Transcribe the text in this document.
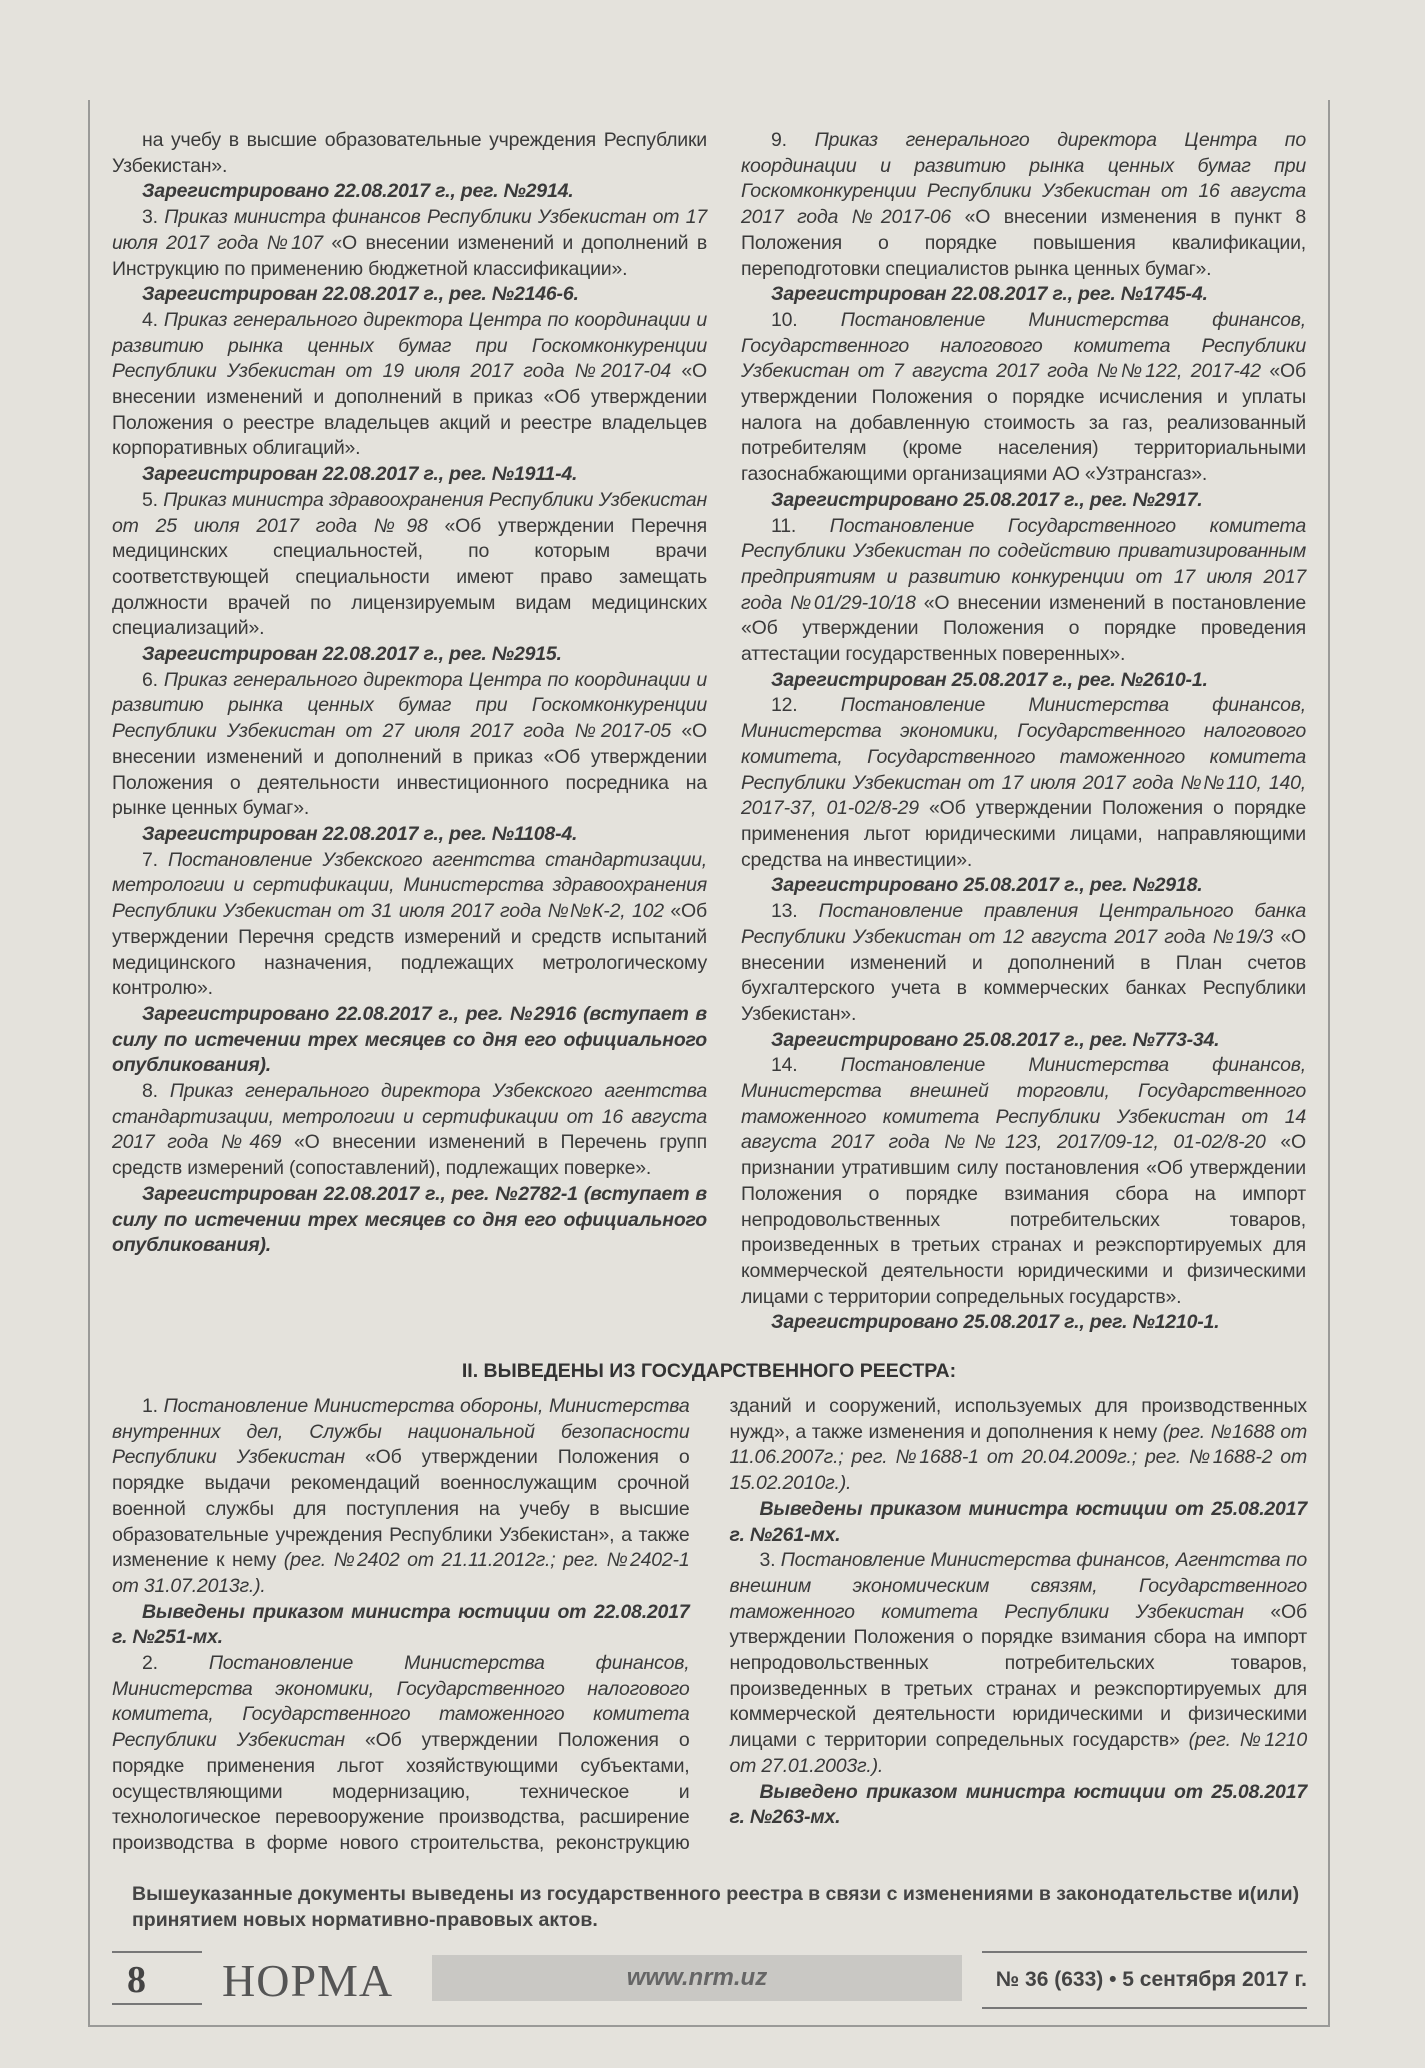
на учебу в высшие образовательные учреждения Республики Узбекистан».

Зарегистрировано 22.08.2017 г., рег. №2914.

3. Приказ министра финансов Республики Узбекистан от 17 июля 2017 года №107 «О внесении изменений и дополнений в Инструкцию по применению бюджетной классификации».

Зарегистрирован 22.08.2017 г., рег. №2146-6.

4. Приказ генерального директора Центра по координации и развитию рынка ценных бумаг при Госкомконкуренции Республики Узбекистан от 19 июля 2017 года №2017-04 «О внесении изменений и дополнений в приказ «Об утверждении Положения о реестре владельцев акций и реестре владельцев корпоративных облигаций».

Зарегистрирован 22.08.2017 г., рег. №1911-4.

5. Приказ министра здравоохранения Республики Узбекистан от 25 июля 2017 года №98 «Об утверждении Перечня медицинских специальностей, по которым врачи соответствующей специальности имеют право замещать должности врачей по лицензируемым видам медицинских специализаций».

Зарегистрирован 22.08.2017 г., рег. №2915.

6. Приказ генерального директора Центра по координации и развитию рынка ценных бумаг при Госкомконкуренции Республики Узбекистан от 27 июля 2017 года №2017-05 «О внесении изменений и дополнений в приказ «Об утверждении Положения о деятельности инвестиционного посредника на рынке ценных бумаг».

Зарегистрирован 22.08.2017 г., рег. №1108-4.

7. Постановление Узбекского агентства стандартизации, метрологии и сертификации, Министерства здравоохранения Республики Узбекистан от 31 июля 2017 года №№К-2, 102 «Об утверждении Перечня средств измерений и средств испытаний медицинского назначения, подлежащих метрологическому контролю».

Зарегистрировано 22.08.2017 г., рег. №2916 (вступает в силу по истечении трех месяцев со дня его официального опубликования).

8. Приказ генерального директора Узбекского агентства стандартизации, метрологии и сертификации от 16 августа 2017 года №469 «О внесении изменений в Перечень групп средств измерений (сопоставлений), подлежащих поверке».

Зарегистрирован 22.08.2017 г., рег. №2782-1 (вступает в силу по истечении трех месяцев со дня его официального опубликования).

9. Приказ генерального директора Центра по координации и развитию рынка ценных бумаг при Госкомконкуренции Республики Узбекистан от 16 августа 2017 года №2017-06 «О внесении изменения в пункт 8 Положения о порядке повышения квалификации, переподготовки специалистов рынка ценных бумаг».

Зарегистрирован 22.08.2017 г., рег. №1745-4.

10. Постановление Министерства финансов, Государственного налогового комитета Республики Узбекистан от 7 августа 2017 года №№122, 2017-42 «Об утверждении Положения о порядке исчисления и уплаты налога на добавленную стоимость за газ, реализованный потребителям (кроме населения) территориальными газоснабжающими организациями АО «Узтрансгаз».

Зарегистрировано 25.08.2017 г., рег. №2917.

11. Постановление Государственного комитета Республики Узбекистан по содействию приватизированным предприятиям и развитию конкуренции от 17 июля 2017 года №01/29-10/18 «О внесении изменений в постановление «Об утверждении Положения о порядке проведения аттестации государственных поверенных».

Зарегистрирован 25.08.2017 г., рег. №2610-1.

12. Постановление Министерства финансов, Министерства экономики, Государственного налогового комитета, Государственного таможенного комитета Республики Узбекистан от 17 июля 2017 года №№110, 140, 2017-37, 01-02/8-29 «Об утверждении Положения о порядке применения льгот юридическими лицами, направляющими средства на инвестиции».

Зарегистрировано 25.08.2017 г., рег. №2918.

13. Постановление правления Центрального банка Республики Узбекистан от 12 августа 2017 года №19/3 «О внесении изменений и дополнений в План счетов бухгалтерского учета в коммерческих банках Республики Узбекистан».

Зарегистрировано 25.08.2017 г., рег. №773-34.

14. Постановление Министерства финансов, Министерства внешней торговли, Государственного таможенного комитета Республики Узбекистан от 14 августа 2017 года №№123, 2017/09-12, 01-02/8-20 «О признании утратившим силу постановления «Об утверждении Положения о порядке взимания сбора на импорт непродовольственных потребительских товаров, произведенных в третьих странах и реэкспортируемых для коммерческой деятельности юридическими и физическими лицами с территории сопредельных государств».

Зарегистрировано 25.08.2017 г., рег. №1210-1.

II. ВЫВЕДЕНЫ ИЗ ГОСУДАРСТВЕННОГО РЕЕСТРА:

1. Постановление Министерства обороны, Министерства внутренних дел, Службы национальной безопасности Республики Узбекистан «Об утверждении Положения о порядке выдачи рекомендаций военнослужащим срочной военной службы для поступления на учебу в высшие образовательные учреждения Республики Узбекистан», а также изменение к нему (рег. №2402 от 21.11.2012г.; рег. №2402-1 от 31.07.2013г.).

Выведены приказом министра юстиции от 22.08.2017 г. №251-мх.

2. Постановление Министерства финансов, Министерства экономики, Государственного налогового комитета, Государственного таможенного комитета Республики Узбекистан «Об утверждении Положения о порядке применения льгот хозяйствующими субъектами, осуществляющими модернизацию, техническое и технологическое перевооружение производства, расширение производства в форме нового строительства, реконструкцию зданий и сооружений, используемых для производственных нужд», а также изменения и дополнения к нему (рег. №1688 от 11.06.2007г.; рег. №1688-1 от 20.04.2009г.; рег. №1688-2 от 15.02.2010г.).

Выведены приказом министра юстиции от 25.08.2017 г. №261-мх.

3. Постановление Министерства финансов, Агентства по внешним экономическим связям, Государственного таможенного комитета Республики Узбекистан «Об утверждении Положения о порядке взимания сбора на импорт непродовольственных потребительских товаров, произведенных в третьих странах и реэкспортируемых для коммерческой деятельности юридическими и физическими лицами с территории сопредельных государств» (рег. №1210 от 27.01.2003г.).

Выведено приказом министра юстиции от 25.08.2017 г. №263-мх.

Вышеуказанные документы выведены из государственного реестра в связи с изменениями в законодательстве и(или) принятием новых нормативно-правовых актов.
8	НОРМА	www.nrm.uz	№ 36 (633) • 5 сентября 2017 г.
